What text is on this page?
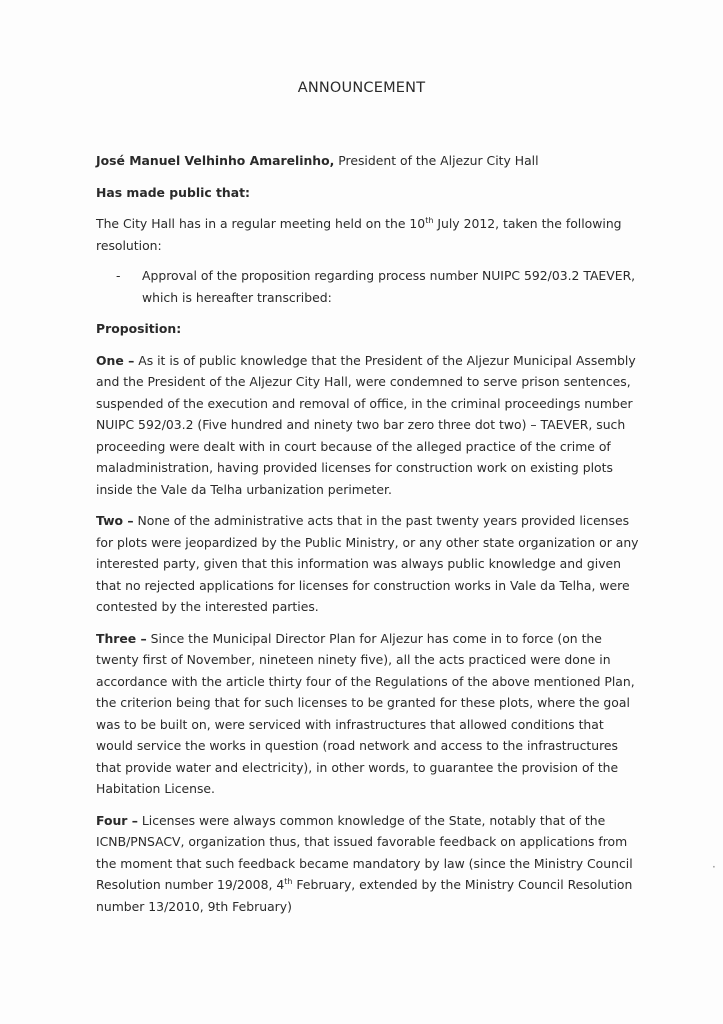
ANNOUNCEMENT

José Manuel Velhinho Amarelinho, President of the Aljezur City Hall

Has made public that:

The City Hall has in a regular meeting held on the 10th July 2012, taken the following resolution:

-	Approval of the proposition regarding process number NUIPC 592/03.2 TAEVER, which is hereafter transcribed:

Proposition:

One – As it is of public knowledge that the President of the Aljezur Municipal Assembly and the President of the Aljezur City Hall, were condemned to serve prison sentences, suspended of the execution and removal of office, in the criminal proceedings number NUIPC 592/03.2 (Five hundred and ninety two bar zero three dot two) – TAEVER, such proceeding were dealt with in court because of the alleged practice of the crime of maladministration, having provided licenses for construction work on existing plots inside the Vale da Telha urbanization perimeter.

Two – None of the administrative acts that in the past twenty years provided licenses for plots were jeopardized by the Public Ministry, or any other state organization or any interested party, given that this information was always public knowledge and given that no rejected applications for licenses for construction works in Vale da Telha, were contested by the interested parties.

Three – Since the Municipal Director Plan for Aljezur has come in to force (on the twenty first of November, nineteen ninety five), all the acts practiced were done in accordance with the article thirty four of the Regulations of the above mentioned Plan, the criterion being that for such licenses to be granted for these plots, where the goal was to be built on, were serviced with infrastructures that allowed conditions that would service the works in question (road network and access to the infrastructures that provide water and electricity), in other words, to guarantee the provision of the Habitation License.

Four – Licenses were always common knowledge of the State, notably that of the ICNB/PNSACV, organization thus, that issued favorable feedback on applications from the moment that such feedback became mandatory by law (since the Ministry Council Resolution number 19/2008, 4th February, extended by the Ministry Council Resolution number 13/2010, 9th February)

·
